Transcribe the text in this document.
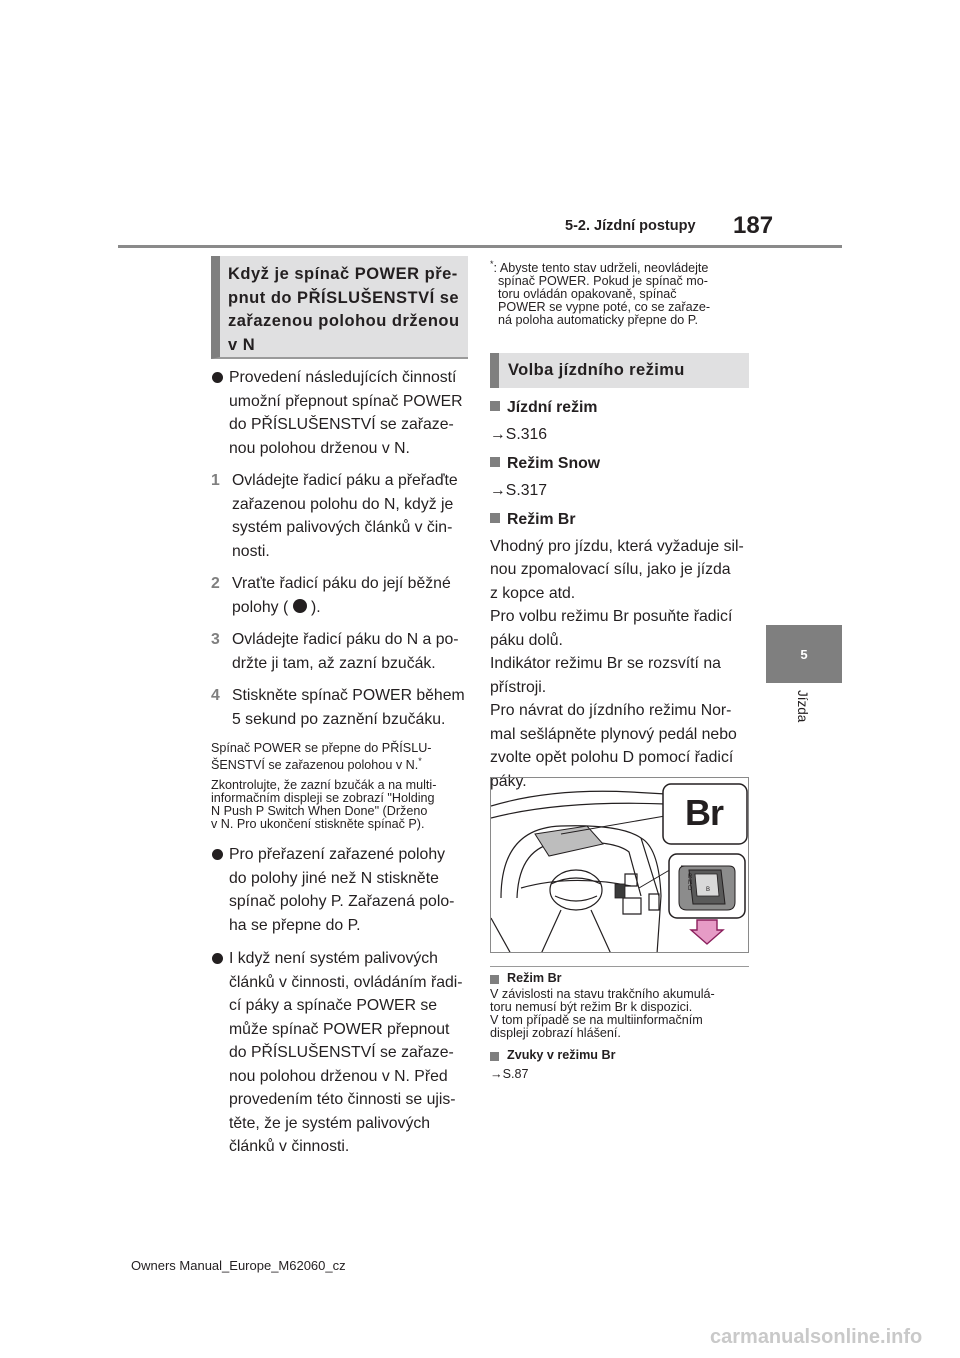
5-2. Jízdní postupy 187
5
Jízda
Když je spínač POWER pře-
pnut do PŘÍSLUŠENSTVÍ se
zařazenou polohou drženou
v N
Provedení následujících činností
umožní přepnout spínač POWER
do PŘÍSLUŠENSTVÍ se zařaze-
nou polohou drženou v N.
1 Ovládejte řadicí páku a přeřaďte
zařazenou polohu do N, když je
systém palivových článků v čin-
nosti.
2 Vraťte řadicí páku do její běžné
polohy ( ).
3 Ovládejte řadicí páku do N a po-
držte ji tam, až zazní bzučák.
4 Stiskněte spínač POWER během
5 sekund po zaznění bzučáku.
Spínač POWER se přepne do PŘÍSLU-
ŠENSTVÍ se zařazenou polohou v N.*
Zkontrolujte, že zazní bzučák a na multi-
informačním displeji se zobrazí "Holding
N Push P Switch When Done" (Drženo
v N. Pro ukončení stiskněte spínač P).
Pro přeřazení zařazené polohy
do polohy jiné než N stiskněte
spínač polohy P. Zařazená polo-
ha se přepne do P.
I když není systém palivových
článků v činnosti, ovládáním řadi-
cí páky a spínače POWER se
může spínač POWER přepnout
do PŘÍSLUŠENSTVÍ se zařaze-
nou polohou drženou v N. Před
provedením této činnosti se ujis-
těte, že je systém palivových
článků v činnosti.
*: Abyste tento stav udrželi, neovládejte
spínač POWER. Pokud je spínač mo-
toru ovládán opakovaně, spínač
POWER se vypne poté, co se zařaze-
ná poloha automaticky přepne do P.
Volba jízdního režimu
Jízdní režim
→S.316
Režim Snow
→S.317
Režim Br
Vhodný pro jízdu, která vyžaduje sil-
nou zpomalovací sílu, jako je jízda
z kopce atd.
Pro volbu režimu Br posuňte řadicí
páku dolů.
Indikátor režimu Br se rozsvítí na
přístroji.
Pro návrat do jízdního režimu Nor-
mal sešlápněte plynový pedál nebo
zvolte opět polohu D pomocí řadicí
páky.
Br
R N D	B
Režim Br
V závislosti na stavu trakčního akumulá-
toru nemusí být režim Br k dispozici.
V tom případě se na multiinformačním
displeji zobrazí hlášení.
Zvuky v režimu Br
→S.87
Owners Manual_Europe_M62060_cz
carmanualsonline.info
